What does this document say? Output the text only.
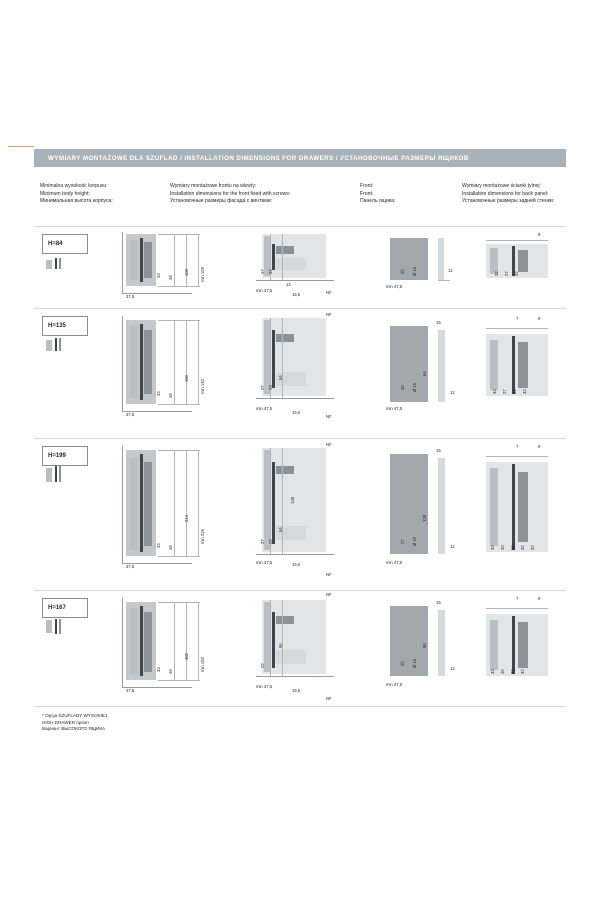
WYMIARY MONTAŻOWE DLA SZUFLAD / INSTALLATION DIMENSIONS FOR DRAWERS / УСТАНОВОЧНЫЕ РАЗМЕРЫ ЯЩИКОВ
Minimalna wysokość korpusu:
Minimum body height:
Минимальная высота корпуса:
Wymiary montażowe frontu na wkręty:
Installation dimensions for the front fixed with screws:
Установочные размеры фасада с винтами:
Front:
Front:
Панель ящика:
Wymiary montażowe ścianki tylnej:
Installation dimensions for back panel:
Установочные размеры задней стенки:
H=84
33 49
100
37,5
min 105	27 22
min 47,5
13
15,5	NF
20 Ø 10
min 47,5
12
9
32 27 32
H=135
33 49
150
37,5
min 140
NF
27 22
64
min 47,5
15,5
NF
20 Ø 10
64
min 47,5
15
12
7	9
32 27 32 32
H=199
33 49
214
37,5
min 226
NF
27 22
64
128
min 47,5	15,5
NF
27 Ø 10
128
min 47,5
15
12
7	9
32 20 64 32 32
H=167
33 49
182
37,5
min 192
NF
22
96
min 47,5
15,5
NF
20 Ø 10
96
min 47,5
15
12
7	9
32 20 32 32
* Opcja SZUFLADY WYSOKIEJ
HIGH DRAWER option
Вариант ВЫСОКОГО ЯЩИКА
